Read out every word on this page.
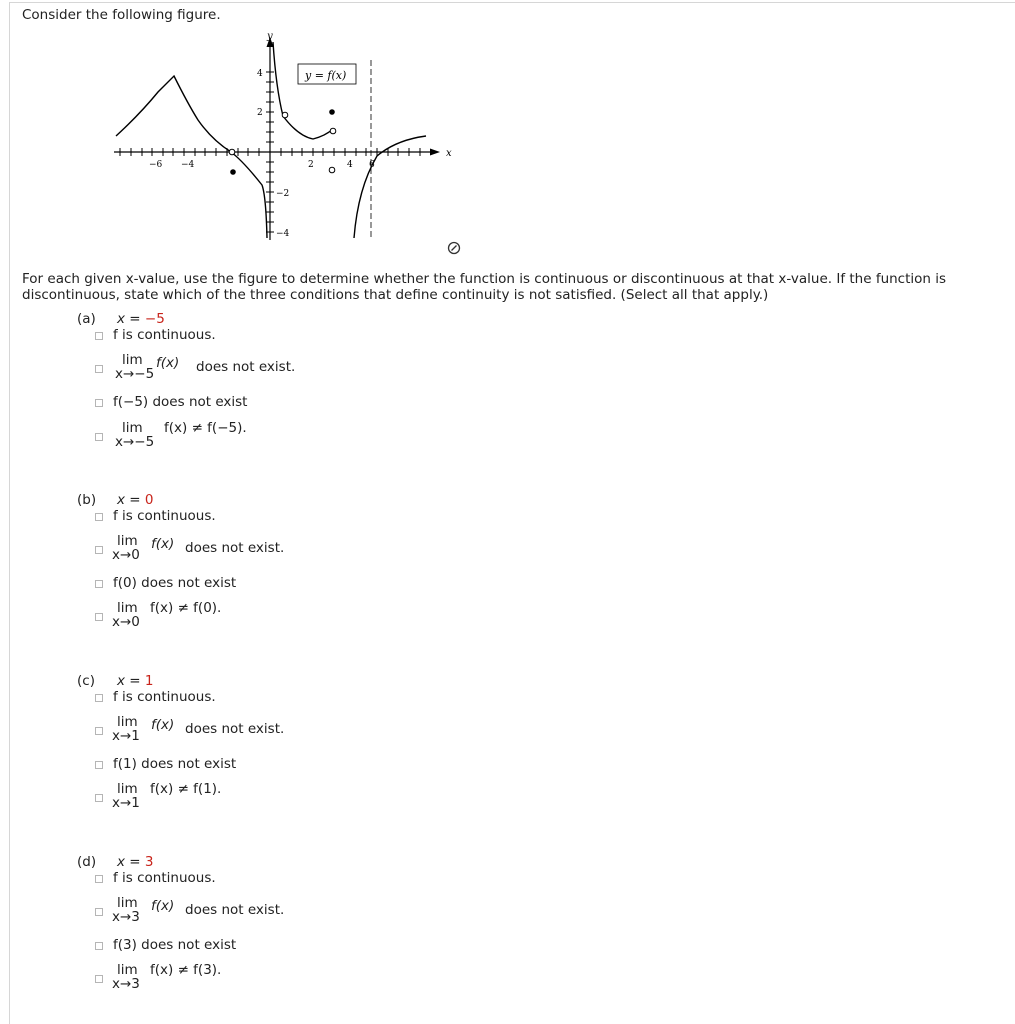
Consider the following figure.
x
y
−6 −4	2	4 6
4
2
−2
−4
y = f(x)
For each given x-value, use the figure to determine whether the function is continuous or discontinuous at that x-value. If the function is discontinuous, state which of the three conditions that define continuity is not satisfied. (Select all that apply.)
(a) x = −5
f is continuous.
lim
x→−5
f(x) does not exist.
f(−5) does not exist
lim
x→−5
f(x) ≠ f(−5).
(b) x = 0
f is continuous.
lim
x→0
f(x) does not exist.
f(0) does not exist
lim
x→0
f(x) ≠ f(0).
(c) x = 1
f is continuous.
lim
x→1
f(x) does not exist.
f(1) does not exist
lim
x→1
f(x) ≠ f(1).
(d) x = 3
f is continuous.
lim
x→3
f(x) does not exist.
f(3) does not exist
lim
x→3
f(x) ≠ f(3).
